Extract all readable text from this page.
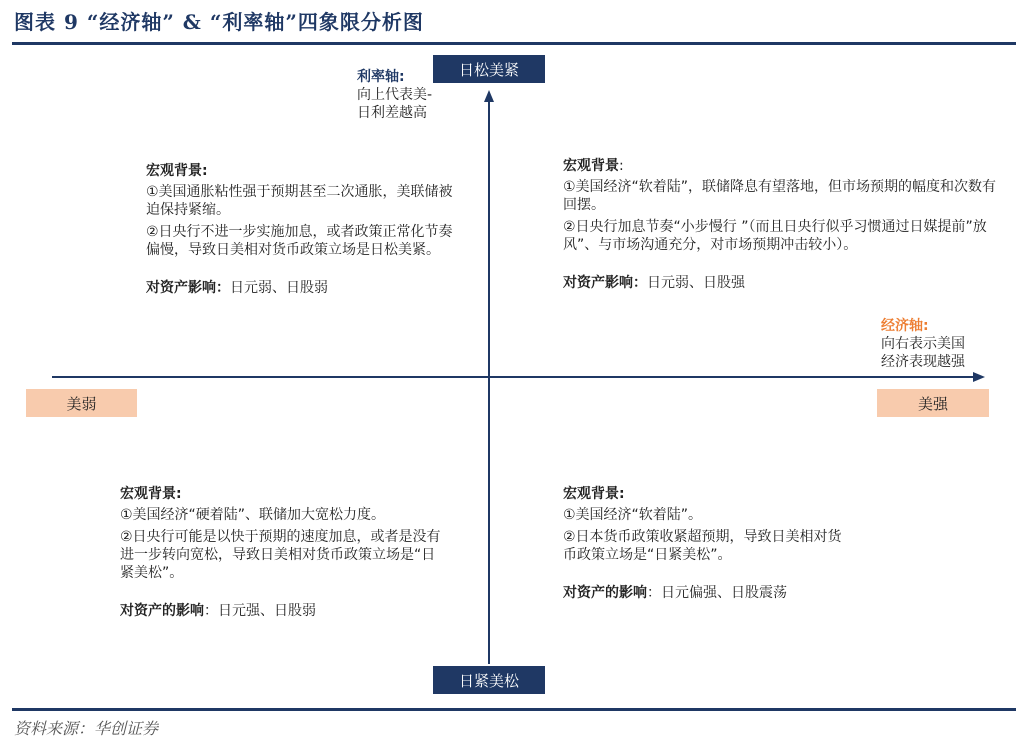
图表 9 “经济轴” & “利率轴”四象限分析图
资料来源：华创证券
日松美紧
日紧美松
美弱	美强
利率轴:
向上代表美-
日利差越高
经济轴:
向右表示美国
经济表现越强

宏观背景:

①美国通胀粘性强于预期甚至二次通胀，美联储被迫保持紧缩。

②日央行不进一步实施加息，或者政策正常化节奏偏慢，导致日美相对货币政策立场是日松美紧。

对资产影响：日元弱、日股弱

宏观背景:

①美国经济“软着陆”，联储降息有望落地，但市场预期的幅度和次数有回摆。

②日央行加息节奏“小步慢行 ”（而且日央行似乎习惯通过日媒提前”放风”、与市场沟通充分，对市场预期冲击较小）。

对资产影响：日元弱、日股强

宏观背景:

①美国经济“硬着陆”、联储加大宽松力度。

②日央行可能是以快于预期的速度加息，或者是没有进一步转向宽松，导致日美相对货币政策立场是“日紧美松”。

对资产的影响：日元强、日股弱

宏观背景:

①美国经济“软着陆”。

②日本货币政策收紧超预期，导致日美相对货币政策立场是“日紧美松”。

对资产的影响：日元偏强、日股震荡
